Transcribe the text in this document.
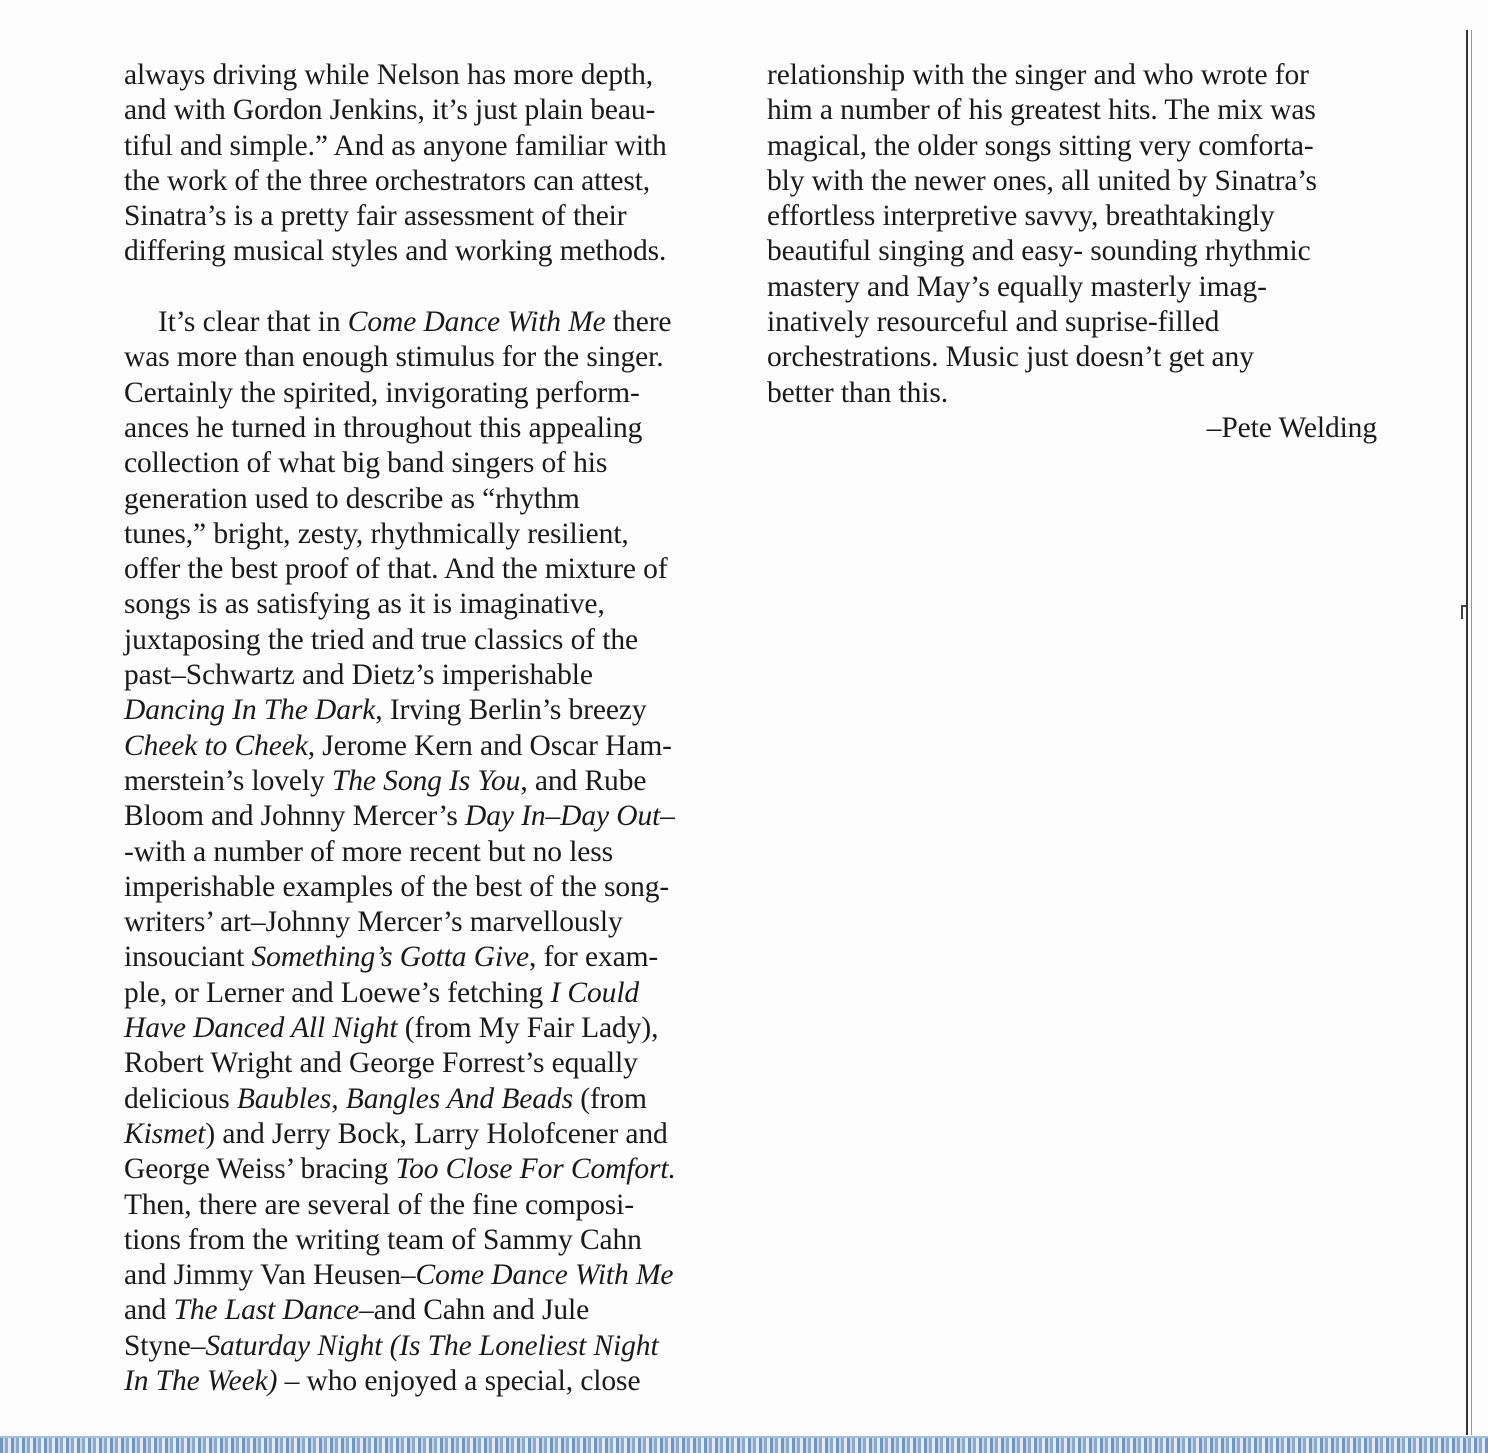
always driving while Nelson has more depth,
and with Gordon Jenkins, it’s just plain beau-
tiful and simple.” And as anyone familiar with
the work of the three orchestrators can attest,
Sinatra’s is a pretty fair assessment of their
differing musical styles and working methods.
It’s clear that in Come Dance With Me there
was more than enough stimulus for the singer.
Certainly the spirited, invigorating perform-
ances he turned in throughout this appealing
collection of what big band singers of his
generation used to describe as “rhythm
tunes,” bright, zesty, rhythmically resilient,
offer the best proof of that. And the mixture of
songs is as satisfying as it is imaginative,
juxtaposing the tried and true classics of the
past–Schwartz and Dietz’s imperishable
Dancing In The Dark, Irving Berlin’s breezy
Cheek to Cheek, Jerome Kern and Oscar Ham-
merstein’s lovely The Song Is You, and Rube
Bloom and Johnny Mercer’s Day In–Day Out–
-with a number of more recent but no less
imperishable examples of the best of the song-
writers’ art–Johnny Mercer’s marvellously
insouciant Something’s Gotta Give, for exam-
ple, or Lerner and Loewe’s fetching I Could
Have Danced All Night (from My Fair Lady),
Robert Wright and George Forrest’s equally
delicious Baubles, Bangles And Beads (from
Kismet) and Jerry Bock, Larry Holofcener and
George Weiss’ bracing Too Close For Comfort.
Then, there are several of the fine composi-
tions from the writing team of Sammy Cahn
and Jimmy Van Heusen–Come Dance With Me
and The Last Dance–and Cahn and Jule
Styne–Saturday Night (Is The Loneliest Night
In The Week) – who enjoyed a special, close
relationship with the singer and who wrote for
him a number of his greatest hits. The mix was
magical, the older songs sitting very comforta-
bly with the newer ones, all united by Sinatra’s
effortless interpretive savvy, breathtakingly
beautiful singing and easy- sounding rhythmic
mastery and May’s equally masterly imag-
inatively resourceful and suprise-filled
orchestrations. Music just doesn’t get any
better than this.
–Pete Welding
